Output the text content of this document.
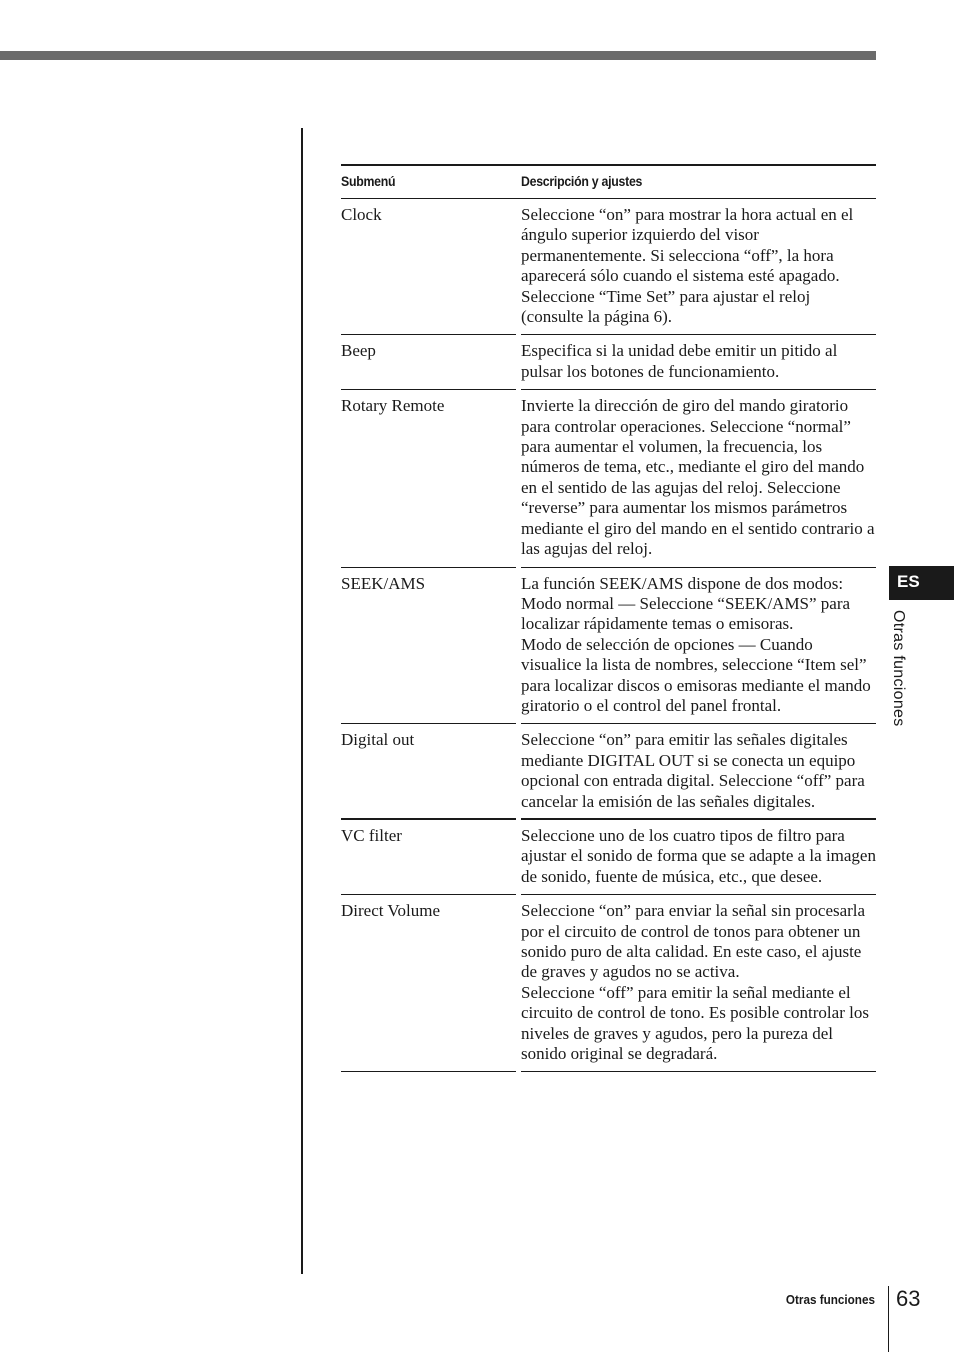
Submenú	Descripción y ajustes
Clock	Seleccione “on” para mostrar la hora actual en el ángulo superior izquierdo del visor permanentemente. Si selecciona “off”, la hora aparecerá sólo cuando el sistema esté apagado. Seleccione “Time Set” para ajustar el reloj (consulte la página 6).
Beep	Especifica si la unidad debe emitir un pitido al pulsar los botones de funcionamiento.
Rotary Remote	Invierte la dirección de giro del mando giratorio para controlar operaciones. Seleccione “normal” para aumentar el volumen, la frecuencia, los números de tema, etc., mediante el giro del mando en el sentido de las agujas del reloj. Seleccione “reverse” para aumentar los mismos parámetros mediante el giro del mando en el sentido contrario a las agujas del reloj.
SEEK/AMS	La función SEEK/AMS dispone de dos modos:
Modo normal — Seleccione “SEEK/AMS” para localizar rápidamente temas o emisoras.
Modo de selección de opciones — Cuando visualice la lista de nombres, seleccione “Item sel” para localizar discos o emisoras mediante el mando giratorio o el control del panel frontal.
Digital out	Seleccione “on” para emitir las señales digitales mediante DIGITAL OUT si se conecta un equipo opcional con entrada digital. Seleccione “off” para cancelar la emisión de las señales digitales.
VC filter	Seleccione uno de los cuatro tipos de filtro para ajustar el sonido de forma que se adapte a la imagen de sonido, fuente de música, etc., que desee.
Direct Volume	Seleccione “on” para enviar la señal sin procesarla por el circuito de control de tonos para obtener un sonido puro de alta calidad. En este caso, el ajuste de graves y agudos no se activa.
Seleccione “off” para emitir la señal mediante el circuito de control de tono. Es posible controlar los niveles de graves y agudos, pero la pureza del sonido original se degradará.
ES
Otras funciones
Otras funciones 63
